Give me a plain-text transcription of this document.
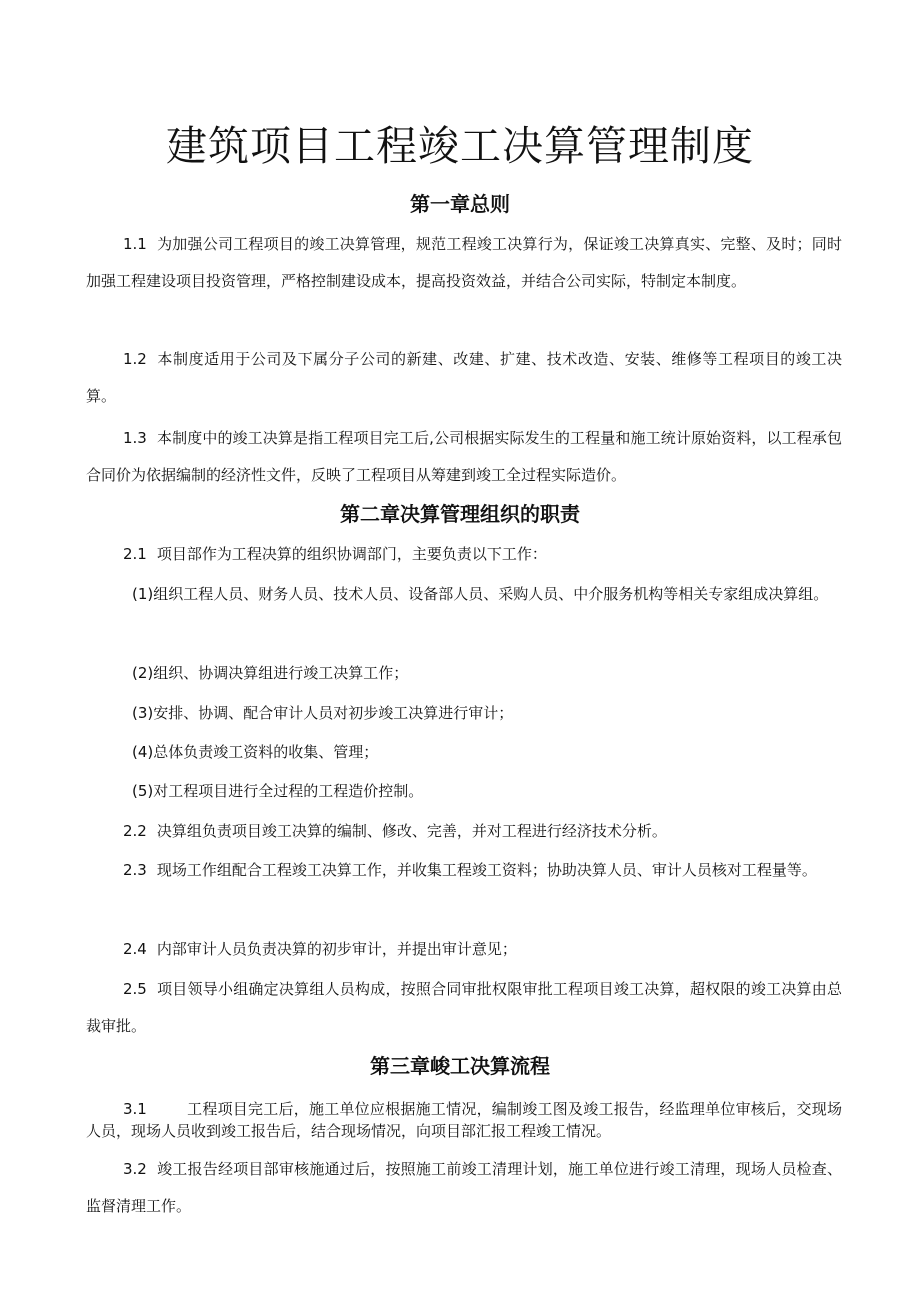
建筑项目工程竣工决算管理制度
第一章总则

1.1 为加强公司工程项目的竣工决算管理，规范工程竣工决算行为，保证竣工决算真实、完整、及时；同时加强工程建设项目投资管理，严格控制建设成本，提高投资效益，并结合公司实际，特制定本制度。

1.2 本制度适用于公司及下属分子公司的新建、改建、扩建、技术改造、安装、维修等工程项目的竣工决算。

1.3 本制度中的竣工决算是指工程项目完工后,公司根据实际发生的工程量和施工统计原始资料，以工程承包合同价为依据编制的经济性文件，反映了工程项目从筹建到竣工全过程实际造价。

第二章决算管理组织的职责

2.1 项目部作为工程决算的组织协调部门，主要负责以下工作：

(1)组织工程人员、财务人员、技术人员、设备部人员、采购人员、中介服务机构等相关专家组成决算组。

(2)组织、协调决算组进行竣工决算工作；

(3)安排、协调、配合审计人员对初步竣工决算进行审计；

(4)总体负责竣工资料的收集、管理；

(5)对工程项目进行全过程的工程造价控制。

2.2 决算组负责项目竣工决算的编制、修改、完善，并对工程进行经济技术分析。

2.3 现场工作组配合工程竣工决算工作，并收集工程竣工资料；协助决算人员、审计人员核对工程量等。

2.4 内部审计人员负责决算的初步审计，并提出审计意见；

2.5 项目领导小组确定决算组人员构成，按照合同审批权限审批工程项目竣工决算，超权限的竣工决算由总裁审批。

第三章峻工决算流程

3.1	工程项目完工后，施工单位应根据施工情况，编制竣工图及竣工报告，经监理单位审核后，交现场人员，现场人员收到竣工报告后，结合现场情况，向项目部汇报工程竣工情况。

3.2 竣工报告经项目部审核施通过后，按照施工前竣工清理计划，施工单位进行竣工清理，现场人员检查、监督清理工作。
